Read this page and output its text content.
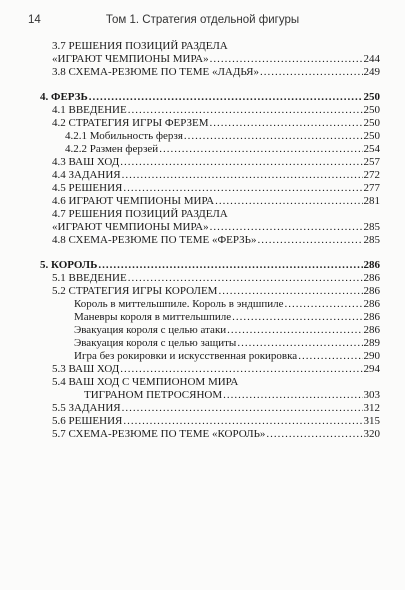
14	Том 1. Стратегия отдельной фигуры
3.7 РЕШЕНИЯ ПОЗИЦИЙ РАЗДЕЛА
«ИГРАЮТ ЧЕМПИОНЫ МИРА» .....	244
3.8 СХЕМА-РЕЗЮМЕ ПО ТЕМЕ «ЛАДЬЯ» .....	249
4. ФЕРЗЬ .....	250
4.1 ВВЕДЕНИЕ .....	250
4.2 СТРАТЕГИЯ ИГРЫ ФЕРЗЕМ .....	250
4.2.1 Мобильность ферзя .....	250
4.2.2 Размен ферзей .....	254
4.3 ВАШ ХОД .....	257
4.4 ЗАДАНИЯ .....	272
4.5 РЕШЕНИЯ .....	277
4.6 ИГРАЮТ ЧЕМПИОНЫ МИРА .....	281
4.7 РЕШЕНИЯ ПОЗИЦИЙ РАЗДЕЛА
«ИГРАЮТ ЧЕМПИОНЫ МИРА» .....	285
4.8 СХЕМА-РЕЗЮМЕ ПО ТЕМЕ «ФЕРЗЬ» .....	285
5. КОРОЛЬ .....	286
5.1 ВВЕДЕНИЕ .....	286
5.2 СТРАТЕГИЯ ИГРЫ КОРОЛЕМ .....	286
Король в миттельшпиле. Король в эндшпиле .....	286
Маневры короля в миттельшпиле .....	286
Эвакуация короля с целью атаки .....	286
Эвакуация короля с целью защиты .....	289
Игра без рокировки и искусственная рокировка .....	290
5.3 ВАШ ХОД .....	294
5.4 ВАШ ХОД С ЧЕМПИОНОМ МИРА
ТИГРАНОМ ПЕТРОСЯНОМ .....	303
5.5 ЗАДАНИЯ .....	312
5.6 РЕШЕНИЯ .....	315
5.7 СХЕМА-РЕЗЮМЕ ПО ТЕМЕ «КОРОЛЬ» .....	320
